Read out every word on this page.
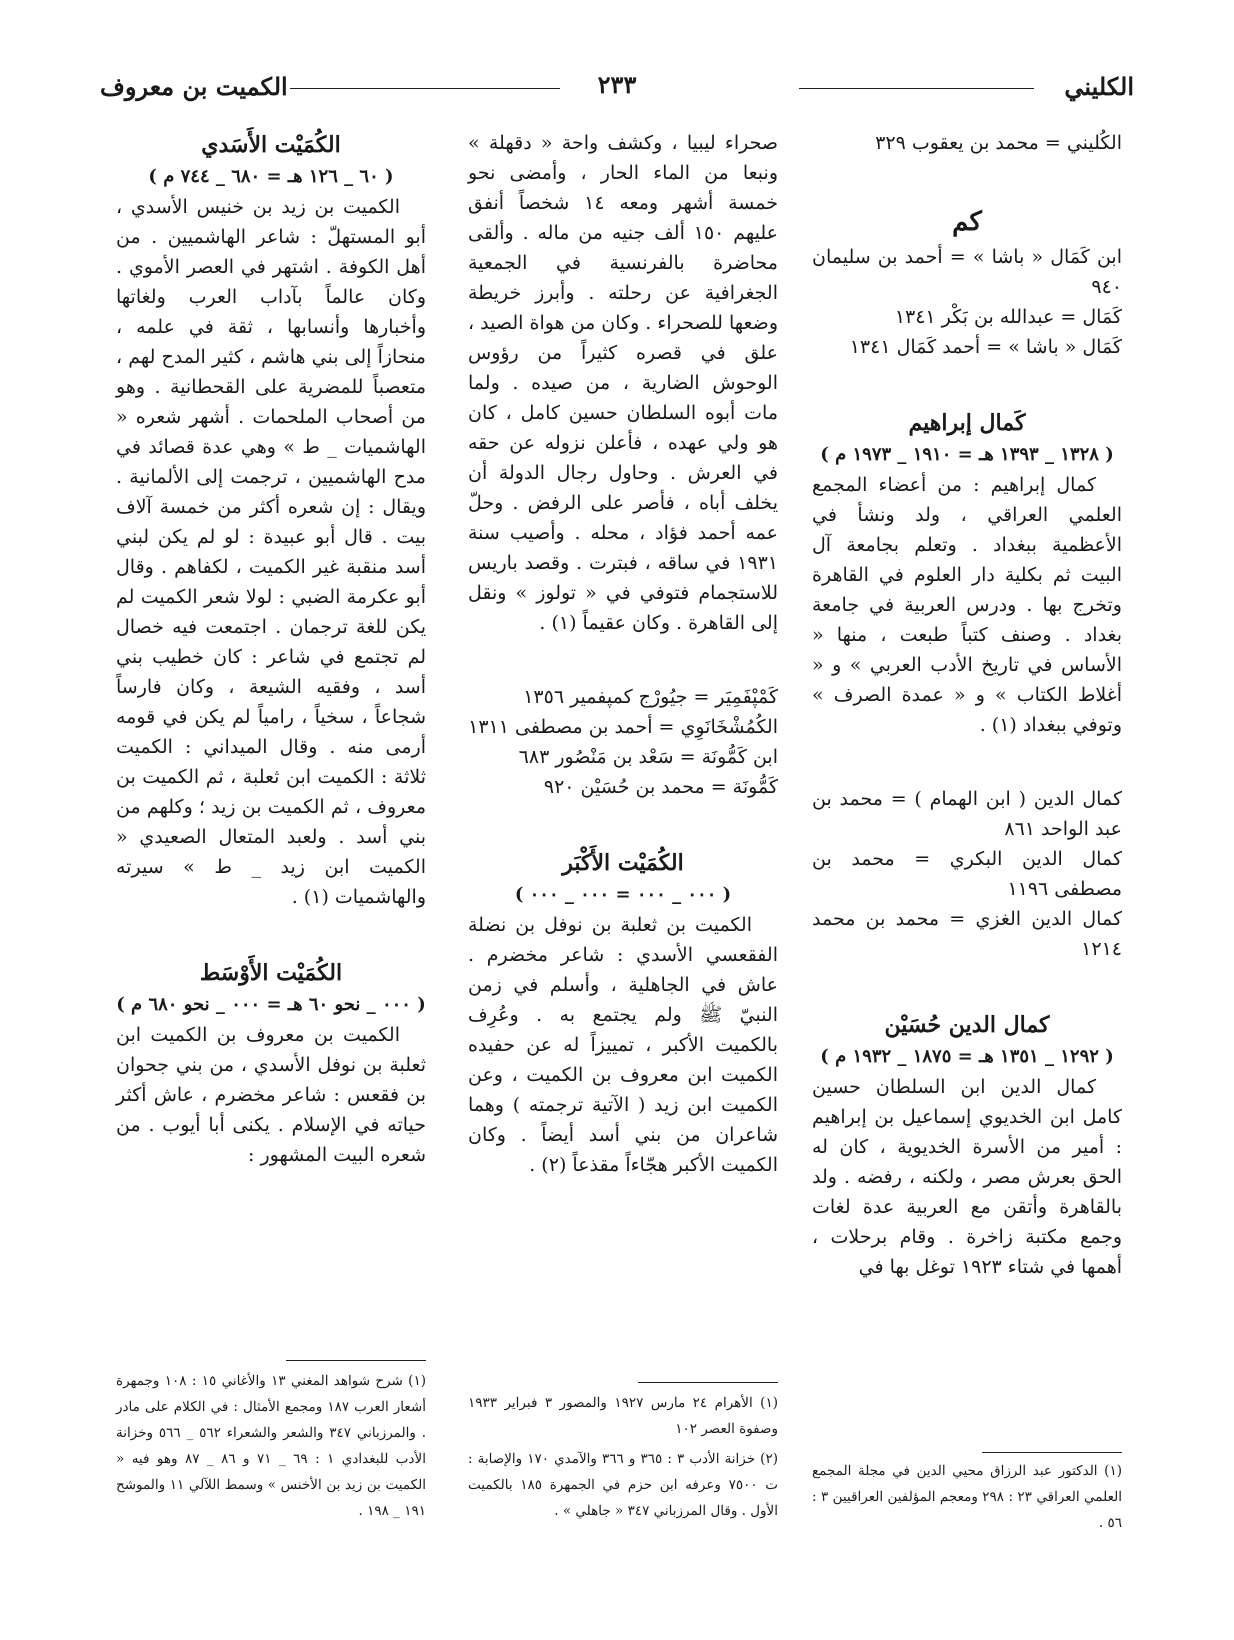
الكليني
٢٣٣
الكميت بن معروف

الكُليني = محمد بن يعقوب ٣٢٩

كم

ابن كَمَال « باشا » = أحمد بن سليمان ٩٤٠

كَمَال = عبدالله بن بَكْر ١٣٤١

كَمَال « باشا » = أحمد كَمَال ١٣٤١

كَمال إبراهيم

( ١٣٢٨ _ ١٣٩٣ هـ = ١٩١٠ _ ١٩٧٣ م )

كمال إبراهيم : من أعضاء المجمع العلمي العراقي ، ولد ونشأ في الأعظمية ببغداد . وتعلم بجامعة آل البيت ثم بكلية دار العلوم في القاهرة وتخرج بها . ودرس العربية في جامعة بغداد . وصنف كتباً طبعت ، منها « الأساس في تاريخ الأدب العربي » و « أغلاط الكتاب » و « عمدة الصرف » وتوفي ببغداد (١) .

كمال الدين ( ابن الهمام ) = محمد بن عبد الواحد ٨٦١

كمال الدين البكري = محمد بن مصطفى ١١٩٦

كمال الدين الغزي = محمد بن محمد ١٢١٤

كمال الدين حُسَيْن

( ١٢٩٢ _ ١٣٥١ هـ = ١٨٧٥ _ ١٩٣٢ م )

كمال الدين ابن السلطان حسين كامل ابن الخديوي إسماعيل بن إبراهيم : أمير من الأسرة الخديوية ، كان له الحق بعرش مصر ، ولكنه ، رفضه . ولد بالقاهرة وأتقن مع العربية عدة لغات وجمع مكتبة زاخرة . وقام برحلات ، أهمها في شتاء ١٩٢٣ توغل بها في

صحراء ليبيا ، وكشف واحة « دقهلة » ونبعا من الماء الحار ، وأمضى نحو خمسة أشهر ومعه ١٤ شخصاً أنفق عليهم ١٥٠ ألف جنيه من ماله . وألقى محاضرة بالفرنسية في الجمعية الجغرافية عن رحلته . وأبرز خريطة وضعها للصحراء . وكان من هواة الصيد ، علق في قصره كثيراً من رؤوس الوحوش الضارية ، من صيده . ولما مات أبوه السلطان حسين كامل ، كان هو ولي عهده ، فأعلن نزوله عن حقه في العرش . وحاول رجال الدولة أن يخلف أباه ، فأصر على الرفض . وحلّ عمه أحمد فؤاد ، محله . وأصيب سنة ١٩٣١ في ساقه ، فبترت . وقصد باريس للاستجمام فتوفي في « تولوز » ونقل إلى القاهرة . وكان عقيماً (١) .

كَمْپْفَمِيَر = جيُورْج كمپفمير ١٣٥٦

الكُمُشْخَانَوِي = أحمد بن مصطفى ١٣١١

ابن كَمُّونَة = سَعْد بن مَنْصُور ٦٨٣

كَمُّونَة = محمد بن حُسَيْن ٩٢٠

الكُمَيْت الأَكْبَر

( ٠٠٠ _ ٠٠٠ = ٠٠٠ _ ٠٠٠ )

الكميت بن ثعلبة بن نوفل بن نضلة الفقعسي الأسدي : شاعر مخضرم . عاش في الجاهلية ، وأسلم في زمن النبيّ ﷺ ولم يجتمع به . وعُرِف بالكميت الأكبر ، تمييزاً له عن حفيده الكميت ابن معروف بن الكميت ، وعن الكميت ابن زيد ( الآتية ترجمته ) وهما شاعران من بني أسد أيضاً . وكان الكميت الأكبر هجّاءاً مقذعاً (٢) .

الكُمَيْت الأَسَدي

( ٦٠ _ ١٢٦ هـ = ٦٨٠ _ ٧٤٤ م )

الكميت بن زيد بن خنيس الأسدي ، أبو المستهلّ : شاعر الهاشميين . من أهل الكوفة . اشتهر في العصر الأموي . وكان عالماً بآداب العرب ولغاتها وأخبارها وأنسابها ، ثقة في علمه ، منحازاً إلى بني هاشم ، كثير المدح لهم ، متعصباً للمضرية على القحطانية . وهو من أصحاب الملحمات . أشهر شعره « الهاشميات _ ط » وهي عدة قصائد في مدح الهاشميين ، ترجمت إلى الألمانية . ويقال : إن شعره أكثر من خمسة آلاف بيت . قال أبو عبيدة : لو لم يكن لبني أسد منقبة غير الكميت ، لكفاهم . وقال أبو عكرمة الضبي : لولا شعر الكميت لم يكن للغة ترجمان . اجتمعت فيه خصال لم تجتمع في شاعر : كان خطيب بني أسد ، وفقيه الشيعة ، وكان فارساً شجاعاً ، سخياً ، رامياً لم يكن في قومه أرمى منه . وقال الميداني : الكميت ثلاثة : الكميت ابن ثعلبة ، ثم الكميت بن معروف ، ثم الكميت بن زيد ؛ وكلهم من بني أسد . ولعبد المتعال الصعيدي « الكميت ابن زيد _ ط » سيرته والهاشميات (١) .

الكُمَيْت الأَوْسَط

( ٠٠٠ _ نحو ٦٠ هـ = ٠٠٠ _ نحو ٦٨٠ م )

الكميت بن معروف بن الكميت ابن ثعلبة بن نوفل الأسدي ، من بني جحوان بن فقعس : شاعر مخضرم ، عاش أكثر حياته في الإسلام . يكنى أبا أيوب . من شعره البيت المشهور :

(١) الدكتور عبد الرزاق محيي الدين في مجلة المجمع العلمي العراقي ٢٣ : ٢٩٨ ومعجم المؤلفين العراقيين ٣ : ٥٦ .
(١) الأهرام ٢٤ مارس ١٩٢٧ والمصور ٣ فبراير ١٩٣٣ وصفوة العصر ١٠٢
(٢) خزانة الأدب ٣ : ٣٦٥ و ٣٦٦ والآمدي ١٧٠ والإصابة : ت ٧٥٠٠ وعرفه ابن حزم في الجمهرة ١٨٥ بالكميت الأول . وقال المرزباني ٣٤٧ « جاهلي » .
(١) شرح شواهد المغني ١٣ والأغاني ١٥ : ١٠٨ وجمهرة أشعار العرب ١٨٧ ومجمع الأمثال : في الكلام على مادر . والمرزباني ٣٤٧ والشعر والشعراء ٥٦٢ _ ٥٦٦ وخزانة الأدب للبغدادي ١ : ٦٩ _ ٧١ و ٨٦ _ ٨٧ وهو فيه « الكميت بن زيد بن الأخنس » وسمط اللآلي ١١ والموشح ١٩١ _ ١٩٨ .
